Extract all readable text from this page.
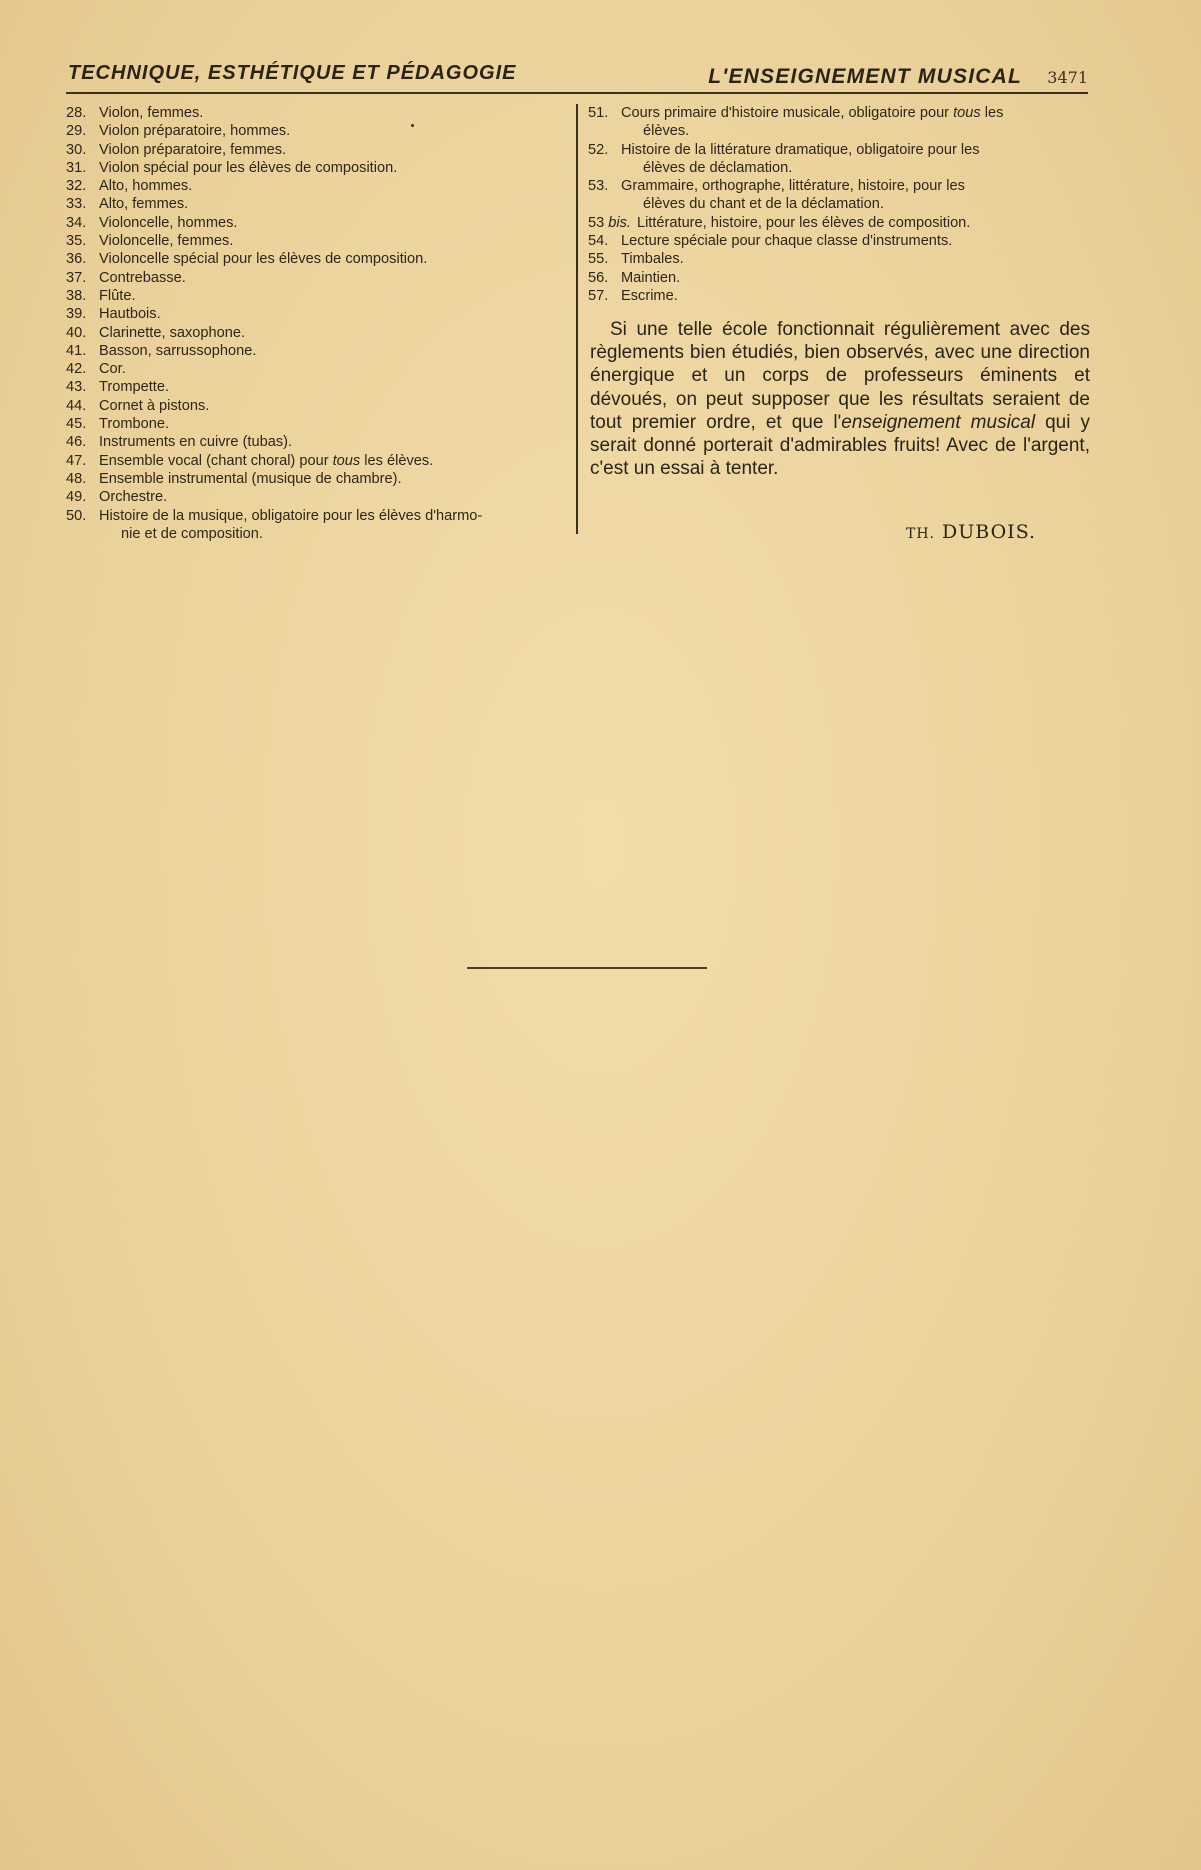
TECHNIQUE, ESTHÉTIQUE ET PÉDAGOGIE	L'ENSEIGNEMENT MUSICAL 3471
28. Violon, femmes.
29. Violon préparatoire, hommes.
30. Violon préparatoire, femmes.
31. Violon spécial pour les élèves de composition.
32. Alto, hommes.
33. Alto, femmes.
34. Violoncelle, hommes.
35. Violoncelle, femmes.
36. Violoncelle spécial pour les élèves de composition.
37. Contrebasse.
38. Flûte.
39. Hautbois.
40. Clarinette, saxophone.
41. Basson, sarrussophone.
42. Cor.
43. Trompette.
44. Cornet à pistons.
45. Trombone.
46. Instruments en cuivre (tubas).
47. Ensemble vocal (chant choral) pour tous les élèves.
48. Ensemble instrumental (musique de chambre).
49. Orchestre.
50. Histoire de la musique, obligatoire pour les élèves d'harmo-
nie et de composition.
51. Cours primaire d'histoire musicale, obligatoire pour tous les
élèves.
52. Histoire de la littérature dramatique, obligatoire pour les
élèves de déclamation.
53. Grammaire, orthographe, littérature, histoire, pour les
élèves du chant et de la déclamation.
53 bis. Littérature, histoire, pour les élèves de composition.
54. Lecture spéciale pour chaque classe d'instruments.
55. Timbales.
56. Maintien.
57. Escrime.

Si une telle école fonctionnait régulièrement avec des règlements bien étudiés, bien observés, avec une direction énergique et un corps de professeurs éminents et dévoués, on peut supposer que les résultats seraient de tout premier ordre, et que l'enseignement musical qui y serait donné porterait d'admirables fruits! Avec de l'argent, c'est un essai à tenter.

TH. DUBOIS.
